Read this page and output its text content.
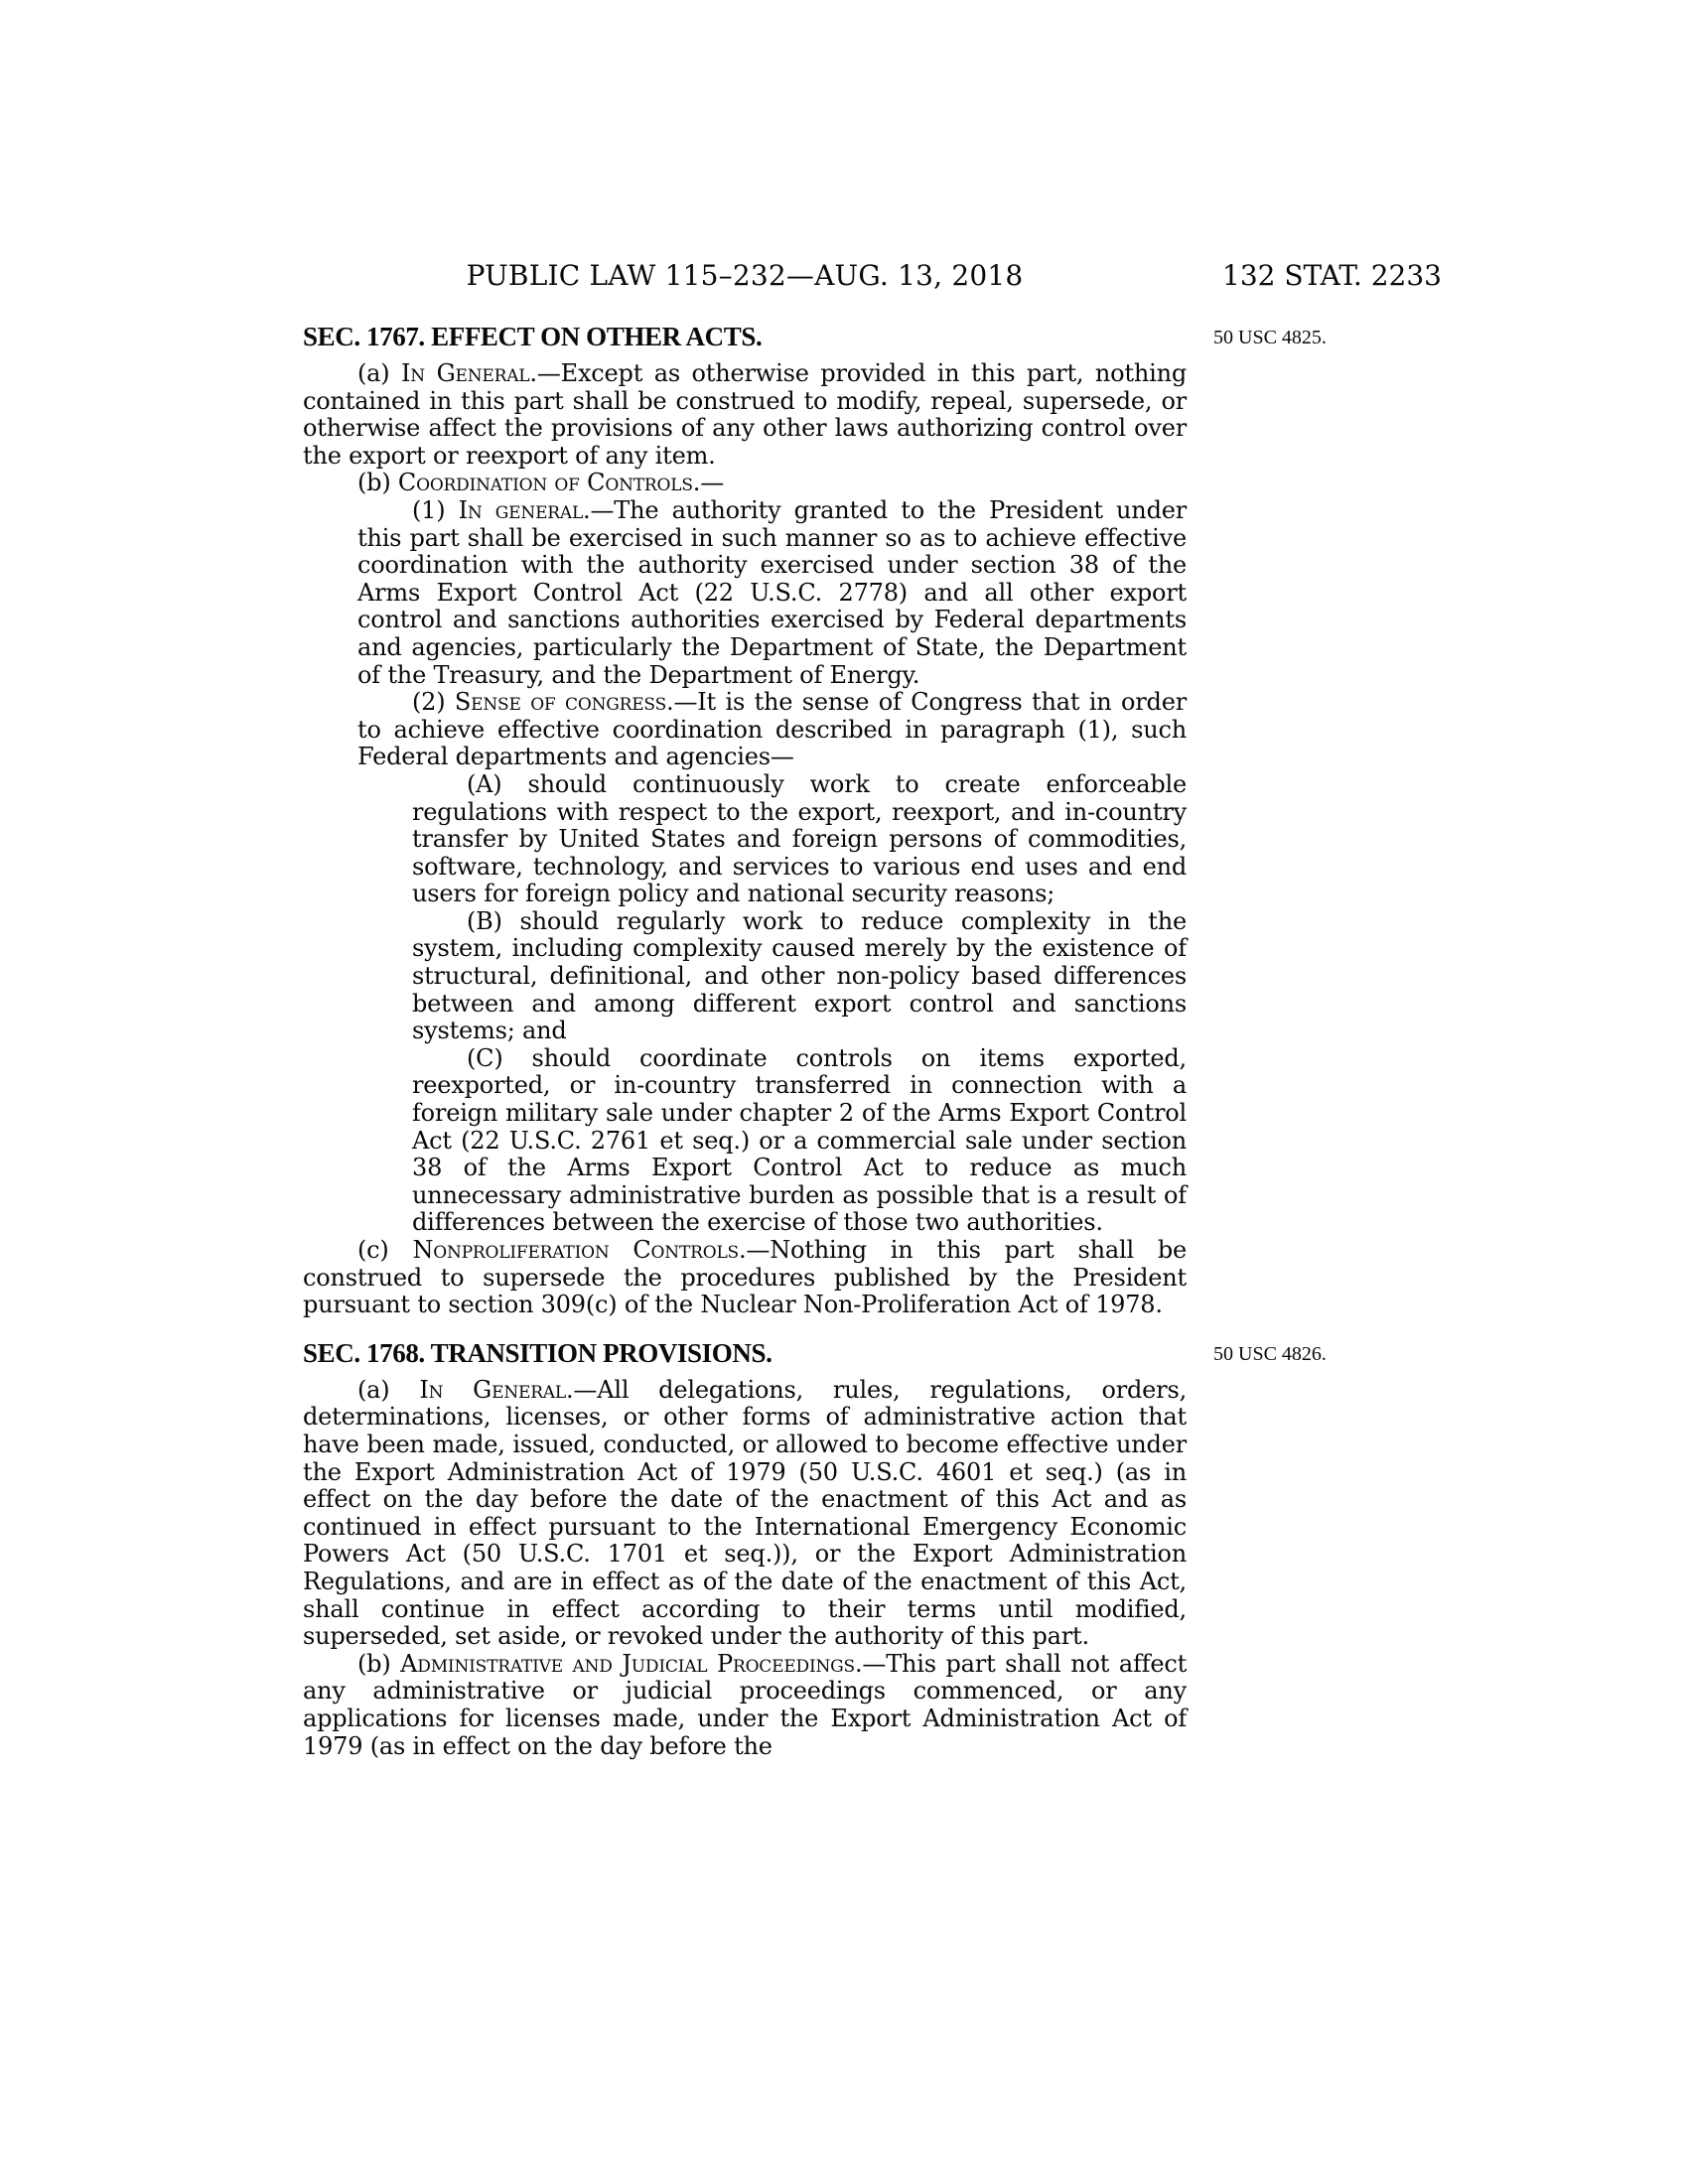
PUBLIC LAW 115–232—AUG. 13, 2018	132 STAT. 2233
SEC. 1767. EFFECT ON OTHER ACTS.	50 USC 4825.

(a) In General.—Except as otherwise provided in this part, nothing contained in this part shall be construed to modify, repeal, supersede, or otherwise affect the provisions of any other laws authorizing control over the export or reexport of any item.

(b) Coordination of Controls.—

(1) In general.—The authority granted to the President under this part shall be exercised in such manner so as to achieve effective coordination with the authority exercised under section 38 of the Arms Export Control Act (22 U.S.C. 2778) and all other export control and sanctions authorities exercised by Federal departments and agencies, particularly the Department of State, the Department of the Treasury, and the Department of Energy.

(2) Sense of congress.—It is the sense of Congress that in order to achieve effective coordination described in paragraph (1), such Federal departments and agencies—

(A) should continuously work to create enforceable regulations with respect to the export, reexport, and in-country transfer by United States and foreign persons of commodities, software, technology, and services to various end uses and end users for foreign policy and national security reasons;

(B) should regularly work to reduce complexity in the system, including complexity caused merely by the existence of structural, definitional, and other non-policy based differences between and among different export control and sanctions systems; and

(C) should coordinate controls on items exported, reexported, or in-country transferred in connection with a foreign military sale under chapter 2 of the Arms Export Control Act (22 U.S.C. 2761 et seq.) or a commercial sale under section 38 of the Arms Export Control Act to reduce as much unnecessary administrative burden as possible that is a result of differences between the exercise of those two authorities.

(c) Nonproliferation Controls.—Nothing in this part shall be construed to supersede the procedures published by the President pursuant to section 309(c) of the Nuclear Non-Proliferation Act of 1978.

SEC. 1768. TRANSITION PROVISIONS.	50 USC 4826.

(a) In General.—All delegations, rules, regulations, orders, determinations, licenses, or other forms of administrative action that have been made, issued, conducted, or allowed to become effective under the Export Administration Act of 1979 (50 U.S.C. 4601 et seq.) (as in effect on the day before the date of the enactment of this Act and as continued in effect pursuant to the International Emergency Economic Powers Act (50 U.S.C. 1701 et seq.)), or the Export Administration Regulations, and are in effect as of the date of the enactment of this Act, shall continue in effect according to their terms until modified, superseded, set aside, or revoked under the authority of this part.

(b) Administrative and Judicial Proceedings.—This part shall not affect any administrative or judicial proceedings commenced, or any applications for licenses made, under the Export Administration Act of 1979 (as in effect on the day before the
